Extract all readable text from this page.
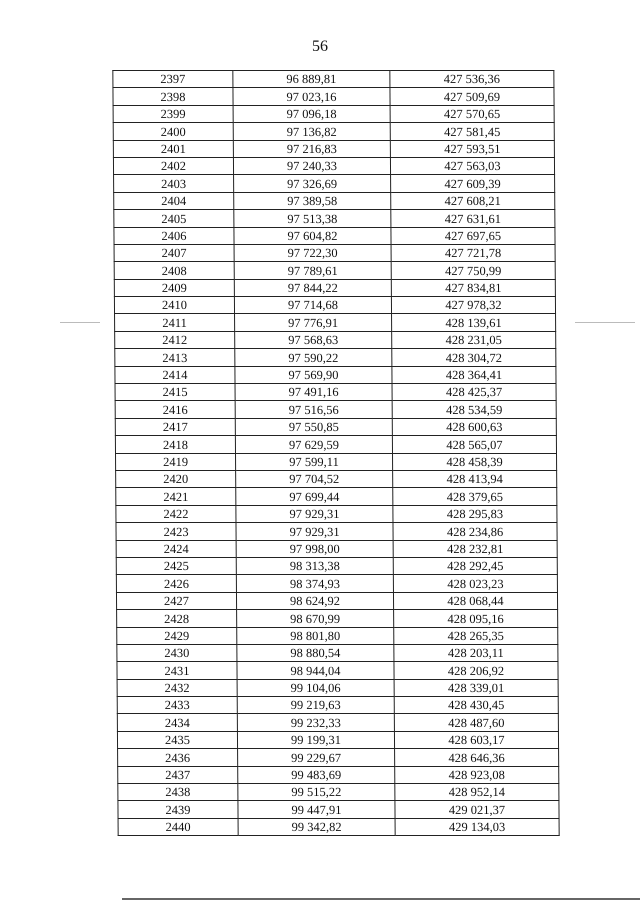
56
2397	96 889,81	427 536,36
2398	97 023,16	427 509,69
2399	97 096,18	427 570,65
2400	97 136,82	427 581,45
2401	97 216,83	427 593,51
2402	97 240,33	427 563,03
2403	97 326,69	427 609,39
2404	97 389,58	427 608,21
2405	97 513,38	427 631,61
2406	97 604,82	427 697,65
2407	97 722,30	427 721,78
2408	97 789,61	427 750,99
2409	97 844,22	427 834,81
2410	97 714,68	427 978,32
2411	97 776,91	428 139,61
2412	97 568,63	428 231,05
2413	97 590,22	428 304,72
2414	97 569,90	428 364,41
2415	97 491,16	428 425,37
2416	97 516,56	428 534,59
2417	97 550,85	428 600,63
2418	97 629,59	428 565,07
2419	97 599,11	428 458,39
2420	97 704,52	428 413,94
2421	97 699,44	428 379,65
2422	97 929,31	428 295,83
2423	97 929,31	428 234,86
2424	97 998,00	428 232,81
2425	98 313,38	428 292,45
2426	98 374,93	428 023,23
2427	98 624,92	428 068,44
2428	98 670,99	428 095,16
2429	98 801,80	428 265,35
2430	98 880,54	428 203,11
2431	98 944,04	428 206,92
2432	99 104,06	428 339,01
2433	99 219,63	428 430,45
2434	99 232,33	428 487,60
2435	99 199,31	428 603,17
2436	99 229,67	428 646,36
2437	99 483,69	428 923,08
2438	99 515,22	428 952,14
2439	99 447,91	429 021,37
2440	99 342,82	429 134,03
